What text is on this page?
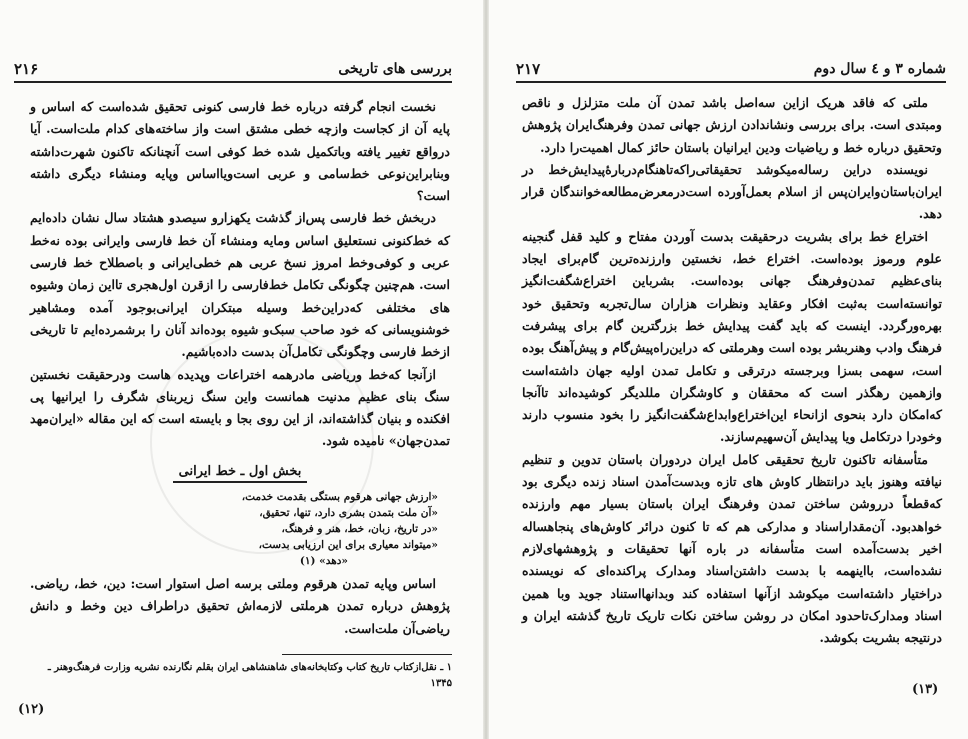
بررسی های تاریخی
۲۱۶

نخست انجام گرفته درباره خط فارسی کنونی تحقیق شده‌است که اساس و پایه آن از کجاست وازچه خطی مشتق است واز ساخته‌های کدام ملت‌است. آیا درواقع تغییر یافته وباتکمیل شده خط کوفی است آنچنانکه تاکنون شهرت‌داشته وبنابراین‌نوعی خط‌سامی و عربی است‌ویااساس وپایه ومنشاء دیگری داشته است؟

دربخش خط فارسی پس‌از گذشت یکهزارو سیصدو هشتاد سال نشان داده‌ایم که خط‌کنونی نستعلیق اساس ومایه ومنشاء آن خط فارسی وایرانی بوده نه‌خط عربی و کوفی‌وخط امروز نسخ عربی هم خطی‌ایرانی و باصطلاح خط فارسی است. هم‌چنین چگونگی تکامل خط‌فارسی را ازقرن اول‌هجری تااین زمان وشیوه های مختلفی که‌دراین‌خط وسیله مبتکران ایرانی‌بوجود آمده ومشاهیر خوشنویسانی که خود صاحب سبک‌و شیوه بوده‌اند آنان را برشمرده‌ایم تا تاریخی ازخط فارسی وچگونگی تکامل‌آن بدست داده‌باشیم.

ازآنجا که‌خط وریاضی مادرهمه اختراعات وپدیده هاست ودرحقیقت نخستین سنگ بنای عظیم مدنیت همانست واین سنگ زیربنای شگرف را ایرانیها پی افکنده و بنیان گذاشته‌اند، از این روی بجا و بایسته است که این مقاله «ایران‌مهد تمدن‌جهان» نامیده شود.

بخش اول ـ خط ایرانی
«ارزش جهانی هرقوم بستگی بقدمت خدمت،
«آن ملت بتمدن بشری دارد، تنها، تحقیق،
«در تاریخ، زبان، خط، هنر و فرهنگ،
«میتواند معیاری برای این ارزیابی بدست،
«دهد» (۱)

اساس وپایه تمدن هرقوم وملتی برسه اصل استوار است: دین، خط، ریاضی. پژوهش درباره تمدن هرملتی لازمه‌اش تحقیق دراطراف دین وخط و دانش ریاضی‌آن ملت‌است.

۱ ـ نقل‌ازکتاب تاریخ کتاب وکتابخانه‌های شاهنشاهی ایران بقلم نگارنده نشریه وزارت فرهنگ‌وهنر ـ ۱۳۴۵
(۱۲)
شماره ۳ و ٤ سال دوم
۲۱۷

ملتی که فاقد هریک ازاین سه‌اصل باشد تمدن آن ملت متزلزل و ناقص ومبتدی است. برای بررسی ونشاندادن ارزش جهانی تمدن وفرهنگ‌ایران پژوهش وتحقیق درباره خط و ریاضیات ودین ایرانیان باستان حائز کمال اهمیت‌را دارد.

نویسنده دراین رساله‌میکوشد تحقیقاتی‌راکه‌تاهنگام‌دربارهٔ‌پیدایش‌خط در ایران‌باستان‌وایران‌پس از اسلام بعمل‌آورده است‌درمعرض‌مطالعه‌خوانندگان قرار دهد.

اختراع خط برای بشریت درحقیقت بدست آوردن مفتاح و کلید قفل گنجینه علوم ورموز بوده‌است. اختراع خط، نخستین وارزنده‌ترین گام‌برای ایجاد بنای‌عظیم تمدن‌وفرهنگ جهانی بوده‌است. بشرباین اختراع‌شگفت‌انگیز توانسته‌است به‌ثبت افکار وعقاید ونظرات هزاران سال‌تجربه وتحقیق خود بهره‌ورگردد. اینست که باید گفت پیدایش خط بزرگترین گام برای پیشرفت فرهنگ وادب وهنربشر بوده است وهرملتی که دراین‌راه‌پیش‌گام و پیش‌آهنگ بوده است، سهمی بسزا وبرجسته درترقی و تکامل تمدن اولیه جهان داشته‌است وازهمین رهگذر است که محققان و کاوشگران مللدیگر کوشیده‌اند تاآنجا که‌امکان دارد بنحوی ازانحاء این‌اختراع‌وابداع‌شگفت‌انگیز را بخود منسوب دارند وخودرا درتکامل ویا پیدایش آن‌سهیم‌سازند.

متأسفانه تاکنون تاریخ تحقیقی کامل ایران دردوران باستان تدوین و تنظیم نیافته وهنوز باید درانتظار کاوش های تازه وبدست‌آمدن اسناد زنده دیگری بود که‌قطعاً درروشن ساختن تمدن وفرهنگ ایران باستان بسیار مهم وارزنده خواهدبود. آن‌مقداراسناد و مدارکی هم که تا کنون درائر کاوش‌های پنجاهساله اخیر بدست‌آمده است متأسفانه در باره آنها تحقیقات و پژوهشهای‌لازم نشده‌است، بااینهمه با بدست داشتن‌اسناد ومدارک پراکنده‌ای که نویسنده دراختیار داشته‌است میکوشد ازآنها استفاده کند وبدانها‌استناد جوید وبا همین اسناد ومدارک‌تاحدود امکان در روشن ساختن نکات تاریک تاریخ گذشته ایران و درنتیجه بشریت بکوشد.

(۱۳)
